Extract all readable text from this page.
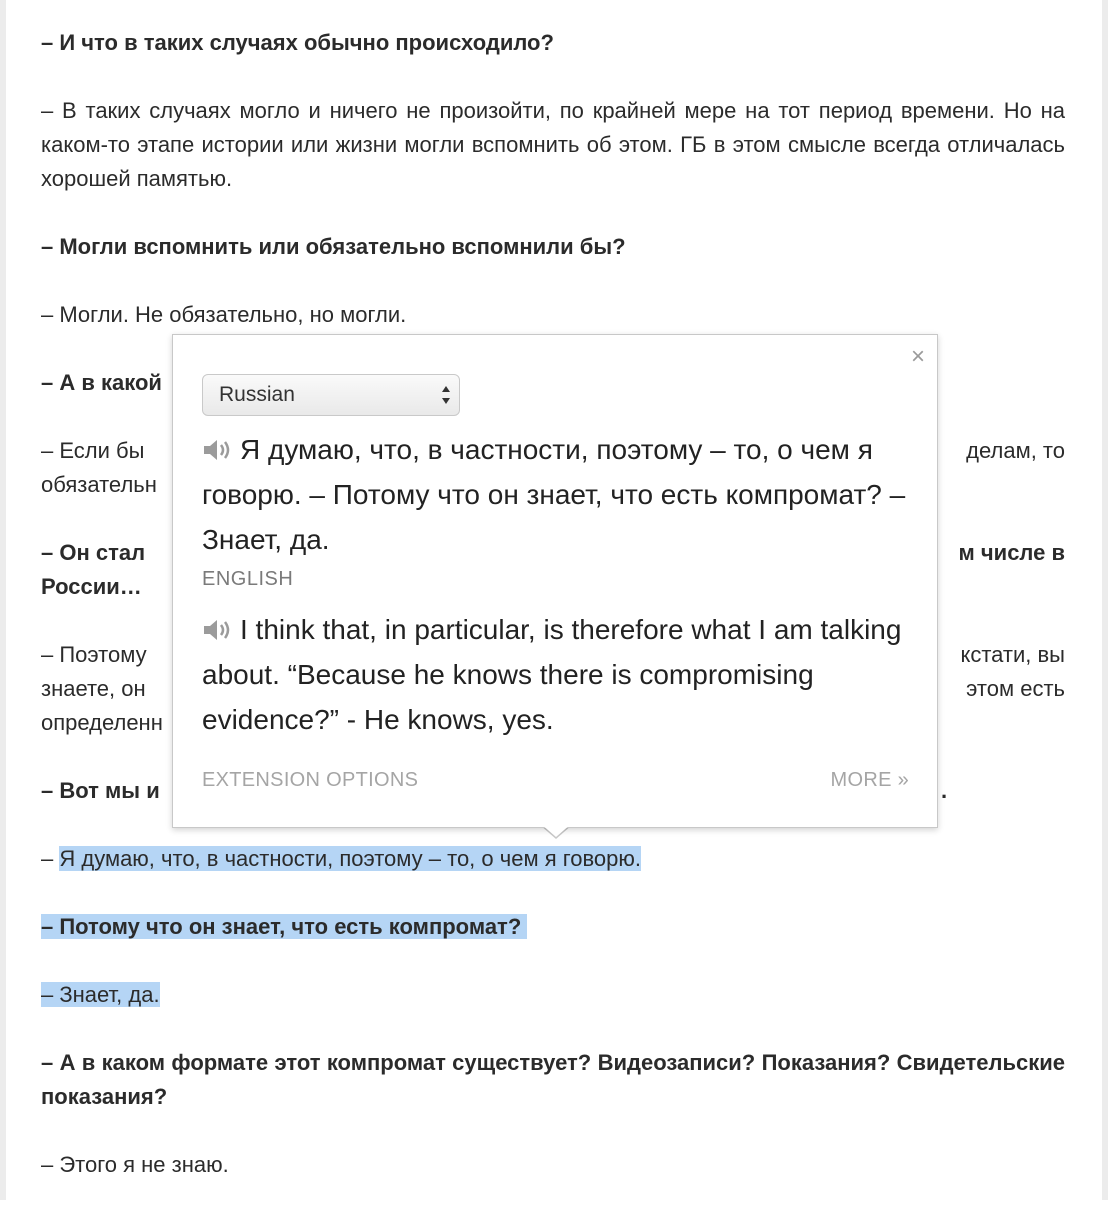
– И что в таких случаях обычно происходило?

– В таких случаях могло и ничего не произойти, по крайней мере на тот период времени. Но на каком-то этапе истории или жизни могли вспомнить об этом. ГБ в этом смысле всегда отличалась хорошей памятью.

– Могли вспомнить или обязательно вспомнили бы?

– Могли. Не обязательно, но могли.

– А в какой

– Если бы	делам, то
обязательн

– Он стал	м числе в
России…

– Поэтому	кстати, вы
знаете, он	этом есть
определенн

– Вот мы и	.

– Я думаю, что, в частности, поэтому – то, о чем я говорю.

– Потому что он знает, что есть компромат?

– Знает, да.

– А в каком формате этот компромат существует? Видеозаписи? Показания? Свидетельские показания?

– Этого я не знаю.

×
Russian
Я думаю, что, в частности, поэтому – то, о чем я говорю. – Потому что он знает, что есть компромат? – Знает, да.
ENGLISH
I think that, in particular, is therefore what I am talking about. “Because he knows there is compromising evidence?” - He knows, yes.
EXTENSION OPTIONS	MORE »
